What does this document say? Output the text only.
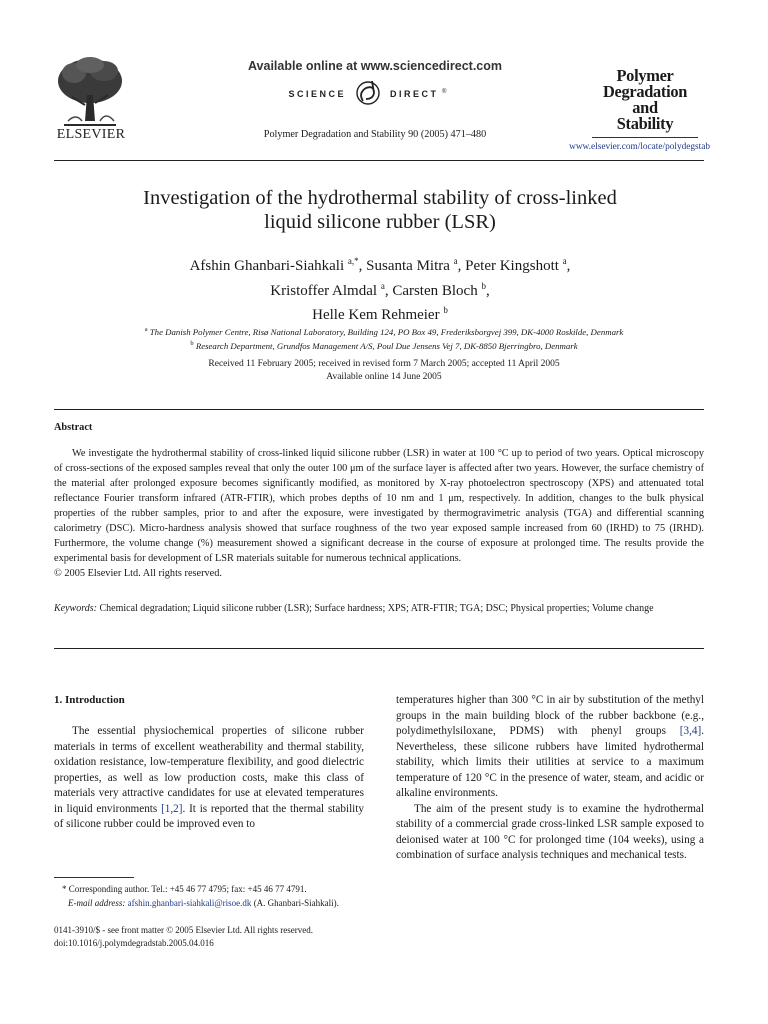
ELSEVIER
Available online at www.sciencedirect.com
SCIENCE	DIRECT ®
Polymer Degradation and Stability 90 (2005) 471–480
Polymer
Degradation
and
Stability
www.elsevier.com/locate/polydegstab
Investigation of the hydrothermal stability of cross-linked
liquid silicone rubber (LSR)
Afshin Ghanbari-Siahkali $^{a,*}$, Susanta Mitra $^a$, Peter Kingshott $^a$,
Kristoffer Almdal $^a$, Carsten Bloch $^b$,
Helle Kem Rehmeier $^b$
$^a$ The Danish Polymer Centre, Risø National Laboratory, Building 124, PO Box 49, Frederiksborgvej 399, DK-4000 Roskilde, Denmark
$^b$ Research Department, Grundfos Management A/S, Poul Due Jensens Vej 7, DK-8850 Bjerringbro, Denmark
Received 11 February 2005; received in revised form 7 March 2005; accepted 11 April 2005
Available online 14 June 2005
Abstract

We investigate the hydrothermal stability of cross-linked liquid silicone rubber (LSR) in water at 100 °C up to period of two years. Optical microscopy of cross-sections of the exposed samples reveal that only the outer 100 μm of the surface layer is affected after two years. However, the surface chemistry of the material after prolonged exposure becomes significantly modified, as monitored by X-ray photoelectron spectroscopy (XPS) and attenuated total reflectance Fourier transform infrared (ATR-FTIR), which probes depths of 10 nm and 1 μm, respectively. In addition, changes to the bulk physical properties of the rubber samples, prior to and after the exposure, were investigated by thermogravimetric analysis (TGA) and differential scanning calorimetry (DSC). Micro-hardness analysis showed that surface roughness of the two year exposed sample increased from 60 (IRHD) to 75 (IRHD). Furthermore, the volume change (%) measurement showed a significant decrease in the course of exposure at prolonged time. The results provide the experimental basis for development of LSR materials suitable for numerous technical applications.

© 2005 Elsevier Ltd. All rights reserved.

Keywords: Chemical degradation; Liquid silicone rubber (LSR); Surface hardness; XPS; ATR-FTIR; TGA; DSC; Physical properties; Volume change
1. Introduction

The essential physiochemical properties of silicone rubber materials in terms of excellent weatherability and thermal stability, oxidation resistance, low-temperature flexibility, and good dielectric properties, as well as low production costs, make this class of materials very attractive candidates for use at elevated temperatures in liquid environments [1,2]. It is reported that the thermal stability of silicone rubber could be improved even to

temperatures higher than 300 °C in air by substitution of the methyl groups in the main building block of the rubber backbone (e.g., polydimethylsiloxane, PDMS) with phenyl groups [3,4]. Nevertheless, these silicone rubbers have limited hydrothermal stability, which limits their utilities at service to a maximum temperature of 120 °C in the presence of water, steam, and acidic or alkaline environments.

The aim of the present study is to examine the hydrothermal stability of a commercial grade cross-linked LSR sample exposed to deionised water at 100 °C for prolonged time (104 weeks), using a combination of surface analysis techniques and mechanical tests.

* Corresponding author. Tel.: +45 46 77 4795; fax: +45 46 77 4791.
E-mail address: afshin.ghanbari-siahkali@risoe.dk (A. Ghanbari-Siahkali).
0141-3910/$ - see front matter © 2005 Elsevier Ltd. All rights reserved.
doi:10.1016/j.polymdegradstab.2005.04.016
